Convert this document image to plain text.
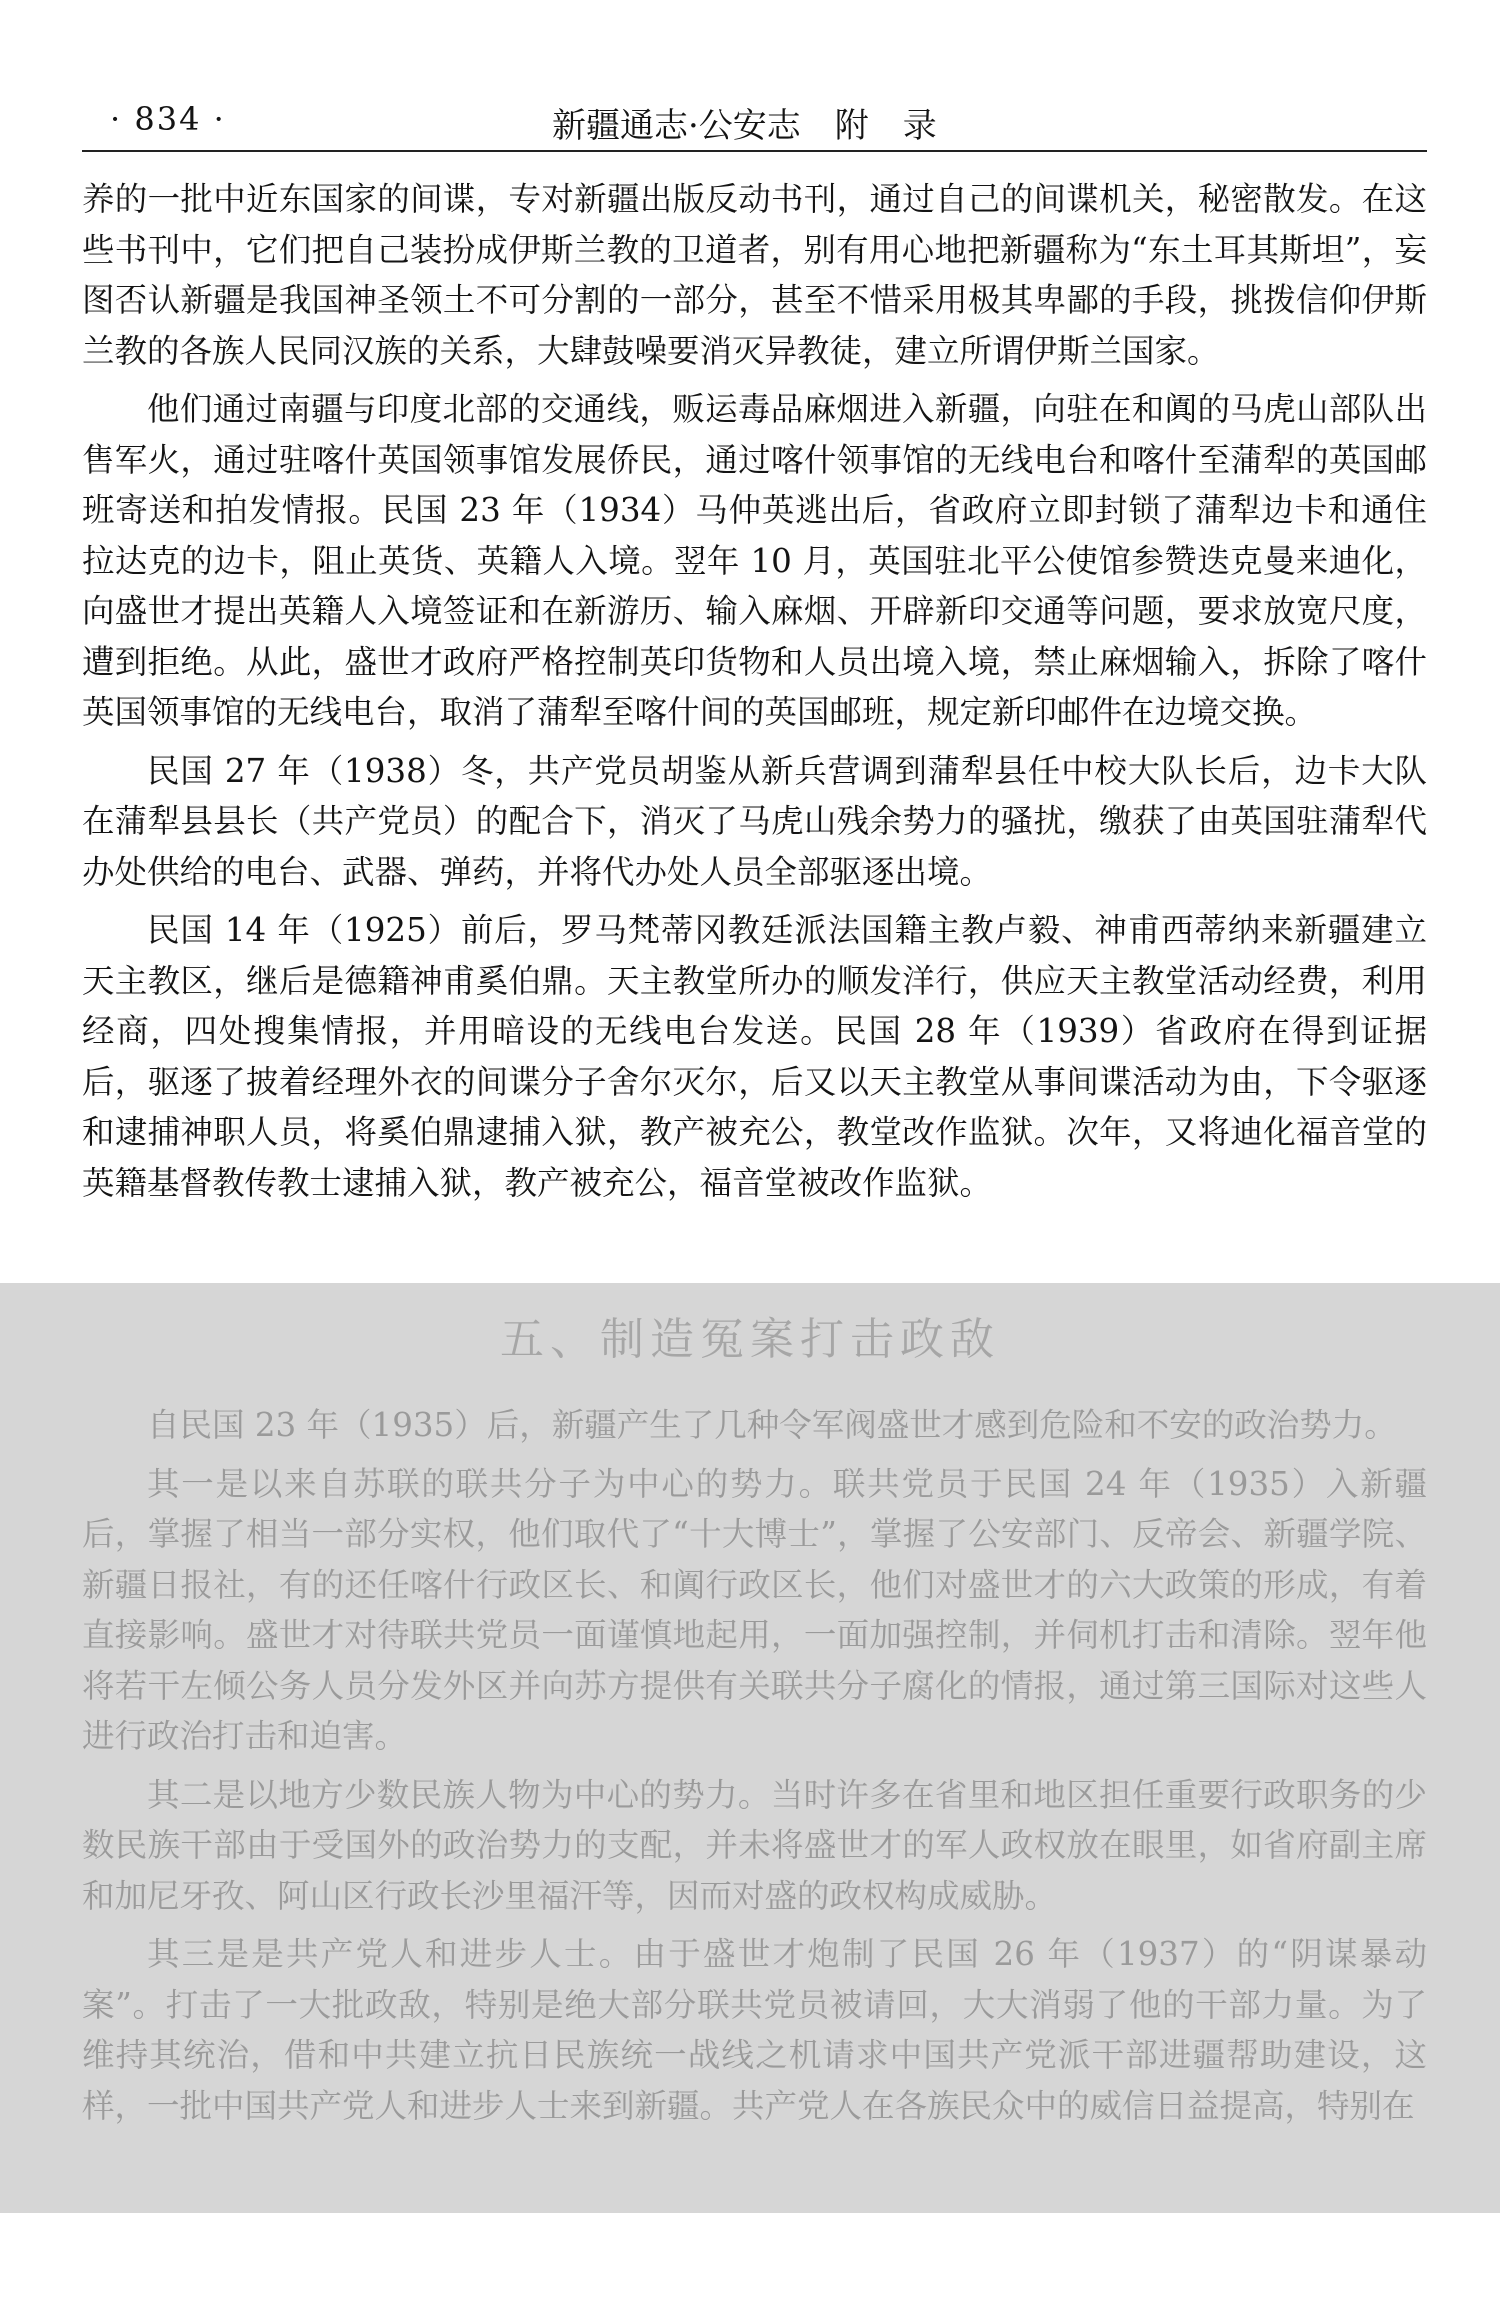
· 834 ·	新疆通志·公安志　附　录

养的一批中近东国家的间谍，专对新疆出版反动书刊，通过自己的间谍机关，秘密散发。在这些书刊中，它们把自己装扮成伊斯兰教的卫道者，别有用心地把新疆称为“东土耳其斯坦”，妄图否认新疆是我国神圣领土不可分割的一部分，甚至不惜采用极其卑鄙的手段，挑拨信仰伊斯兰教的各族人民同汉族的关系，大肆鼓噪要消灭异教徒，建立所谓伊斯兰国家。

他们通过南疆与印度北部的交通线，贩运毒品麻烟进入新疆，向驻在和阗的马虎山部队出售军火，通过驻喀什英国领事馆发展侨民，通过喀什领事馆的无线电台和喀什至蒲犁的英国邮班寄送和拍发情报。民国 23 年（1934）马仲英逃出后，省政府立即封锁了蒲犁边卡和通住拉达克的边卡，阻止英货、英籍人入境。翌年 10 月，英国驻北平公使馆参赞迭克曼来迪化，向盛世才提出英籍人入境签证和在新游历、输入麻烟、开辟新印交通等问题，要求放宽尺度，遭到拒绝。从此，盛世才政府严格控制英印货物和人员出境入境，禁止麻烟输入，拆除了喀什英国领事馆的无线电台，取消了蒲犁至喀什间的英国邮班，规定新印邮件在边境交换。

民国 27 年（1938）冬，共产党员胡鉴从新兵营调到蒲犁县任中校大队长后，边卡大队在蒲犁县县长（共产党员）的配合下，消灭了马虎山残余势力的骚扰，缴获了由英国驻蒲犁代办处供给的电台、武器、弹药，并将代办处人员全部驱逐出境。

民国 14 年（1925）前后，罗马梵蒂冈教廷派法国籍主教卢毅、神甫西蒂纳来新疆建立天主教区，继后是德籍神甫奚伯鼎。天主教堂所办的顺发洋行，供应天主教堂活动经费，利用经商，四处搜集情报，并用暗设的无线电台发送。民国 28 年（1939）省政府在得到证据后，驱逐了披着经理外衣的间谍分子舍尔灭尔，后又以天主教堂从事间谍活动为由，下令驱逐和逮捕神职人员，将奚伯鼎逮捕入狱，教产被充公，教堂改作监狱。次年，又将迪化福音堂的英籍基督教传教士逮捕入狱，教产被充公，福音堂被改作监狱。

五、制造冤案打击政敌

自民国 23 年（1935）后，新疆产生了几种令军阀盛世才感到危险和不安的政治势力。

其一是以来自苏联的联共分子为中心的势力。联共党员于民国 24 年（1935）入新疆后，掌握了相当一部分实权，他们取代了“十大博士”，掌握了公安部门、反帝会、新疆学院、新疆日报社，有的还任喀什行政区长、和阗行政区长，他们对盛世才的六大政策的形成，有着直接影响。盛世才对待联共党员一面谨慎地起用，一面加强控制，并伺机打击和清除。翌年他将若干左倾公务人员分发外区并向苏方提供有关联共分子腐化的情报，通过第三国际对这些人进行政治打击和迫害。

其二是以地方少数民族人物为中心的势力。当时许多在省里和地区担任重要行政职务的少数民族干部由于受国外的政治势力的支配，并未将盛世才的军人政权放在眼里，如省府副主席和加尼牙孜、阿山区行政长沙里福汗等，因而对盛的政权构成威胁。

其三是是共产党人和进步人士。由于盛世才炮制了民国 26 年（1937）的“阴谋暴动案”。打击了一大批政敌，特别是绝大部分联共党员被请回，大大消弱了他的干部力量。为了维持其统治，借和中共建立抗日民族统一战线之机请求中国共产党派干部进疆帮助建设，这样，一批中国共产党人和进步人士来到新疆。共产党人在各族民众中的威信日益提高，特别在
